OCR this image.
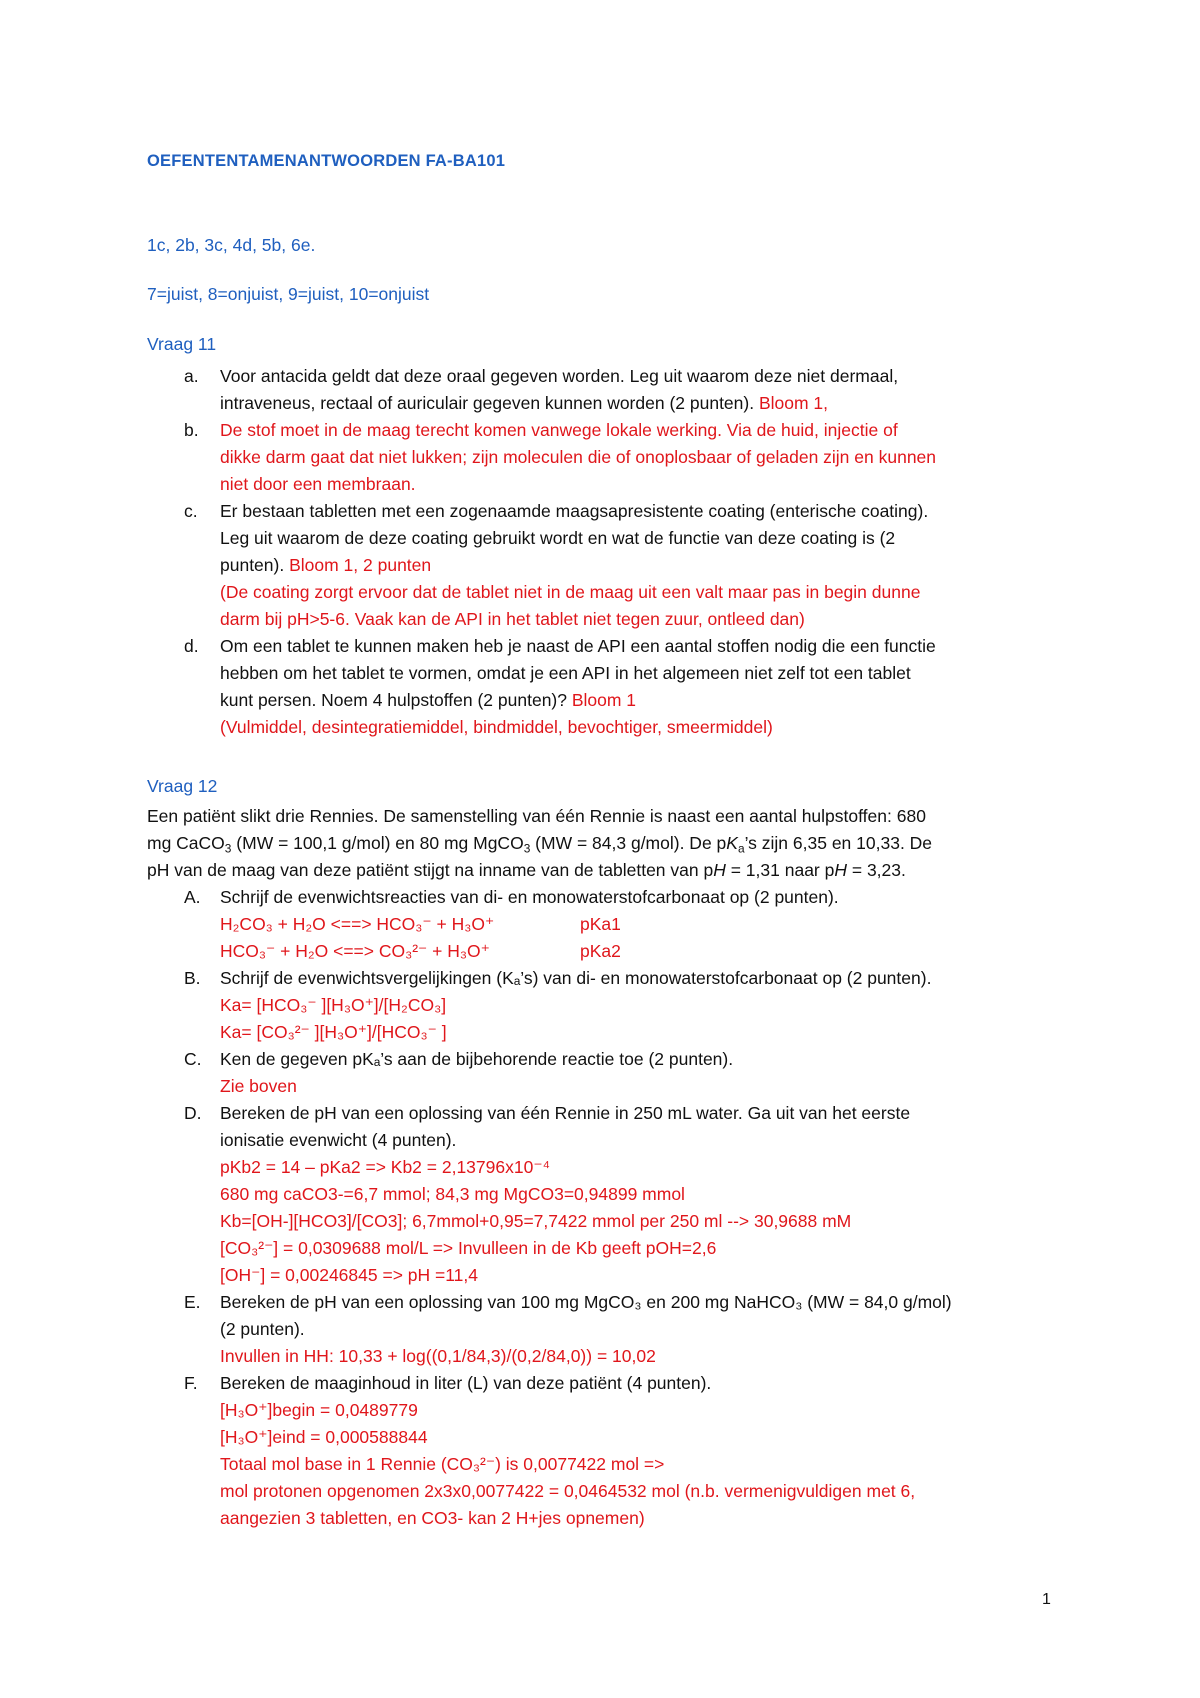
OEFENTENTAMENANTWOORDEN FA-BA101
1c, 2b, 3c, 4d, 5b, 6e.
7=juist, 8=onjuist, 9=juist, 10=onjuist
Vraag 11
a. Voor antacida geldt dat deze oraal gegeven worden. Leg uit waarom deze niet dermaal,
intraveneus, rectaal of auriculair gegeven kunnen worden (2 punten). Bloom 1,
b. De stof moet in de maag terecht komen vanwege lokale werking. Via de huid, injectie of
dikke darm gaat dat niet lukken; zijn moleculen die of onoplosbaar of geladen zijn en kunnen
niet door een membraan.
c. Er bestaan tabletten met een zogenaamde maagsapresistente coating (enterische coating).
Leg uit waarom de deze coating gebruikt wordt en wat de functie van deze coating is (2
punten). Bloom 1, 2 punten
(De coating zorgt ervoor dat de tablet niet in de maag uit een valt maar pas in begin dunne
darm bij pH>5-6. Vaak kan de API in het tablet niet tegen zuur, ontleed dan)
d. Om een tablet te kunnen maken heb je naast de API een aantal stoffen nodig die een functie
hebben om het tablet te vormen, omdat je een API in het algemeen niet zelf tot een tablet
kunt persen. Noem 4 hulpstoffen (2 punten)? Bloom 1
(Vulmiddel, desintegratiemiddel, bindmiddel, bevochtiger, smeermiddel)
Vraag 12
Een patiënt slikt drie Rennies. De samenstelling van één Rennie is naast een aantal hulpstoffen: 680
mg CaCO$_3$ (MW = 100,1 g/mol) en 80 mg MgCO$_3$ (MW = 84,3 g/mol). De $pK_a’s$ zijn 6,35 en 10,33. De
pH van de maag van deze patiënt stijgt na inname van de tabletten van pH = 1,31 naar pH = 3,23.
A. Schrijf de evenwichtsreacties van di- en monowaterstofcarbonaat op (2 punten).
H₂CO₃ + H₂O <==> HCO₃⁻ + H₃O⁺	pKa1
HCO₃⁻ + H₂O <==> CO₃²⁻ + H₃O⁺	pKa2
B. Schrijf de evenwichtsvergelijkingen (Kₐ’s) van di- en monowaterstofcarbonaat op (2 punten).
Ka= [HCO₃⁻ ][H₃O⁺]/[H₂CO₃]
Ka= [CO₃²⁻ ][H₃O⁺]/[HCO₃⁻ ]
C. Ken de gegeven pKₐ’s aan de bijbehorende reactie toe (2 punten).
Zie boven
D. Bereken de pH van een oplossing van één Rennie in 250 mL water. Ga uit van het eerste
ionisatie evenwicht (4 punten).
pKb2 = 14 – pKa2 => Kb2 = 2,13796x10⁻⁴
680 mg caCO3-=6,7 mmol; 84,3 mg MgCO3=0,94899 mmol
Kb=[OH-][HCO3]/[CO3]; 6,7mmol+0,95=7,7422 mmol per 250 ml --> 30,9688 mM
[CO₃²⁻] = 0,0309688 mol/L => Invulleen in de Kb geeft pOH=2,6
[OH⁻] = 0,00246845 => pH =11,4
E. Bereken de pH van een oplossing van 100 mg MgCO₃ en 200 mg NaHCO₃ (MW = 84,0 g/mol)
(2 punten).
Invullen in HH: 10,33 + log((0,1/84,3)/(0,2/84,0)) = 10,02
F. Bereken de maaginhoud in liter (L) van deze patiënt (4 punten).
[H₃O⁺]begin = 0,0489779
[H₃O⁺]eind = 0,000588844
Totaal mol base in 1 Rennie (CO₃²⁻) is 0,0077422 mol =>
mol protonen opgenomen 2x3x0,0077422 = 0,0464532 mol (n.b. vermenigvuldigen met 6,
aangezien 3 tabletten, en CO3- kan 2 H+jes opnemen)
1
